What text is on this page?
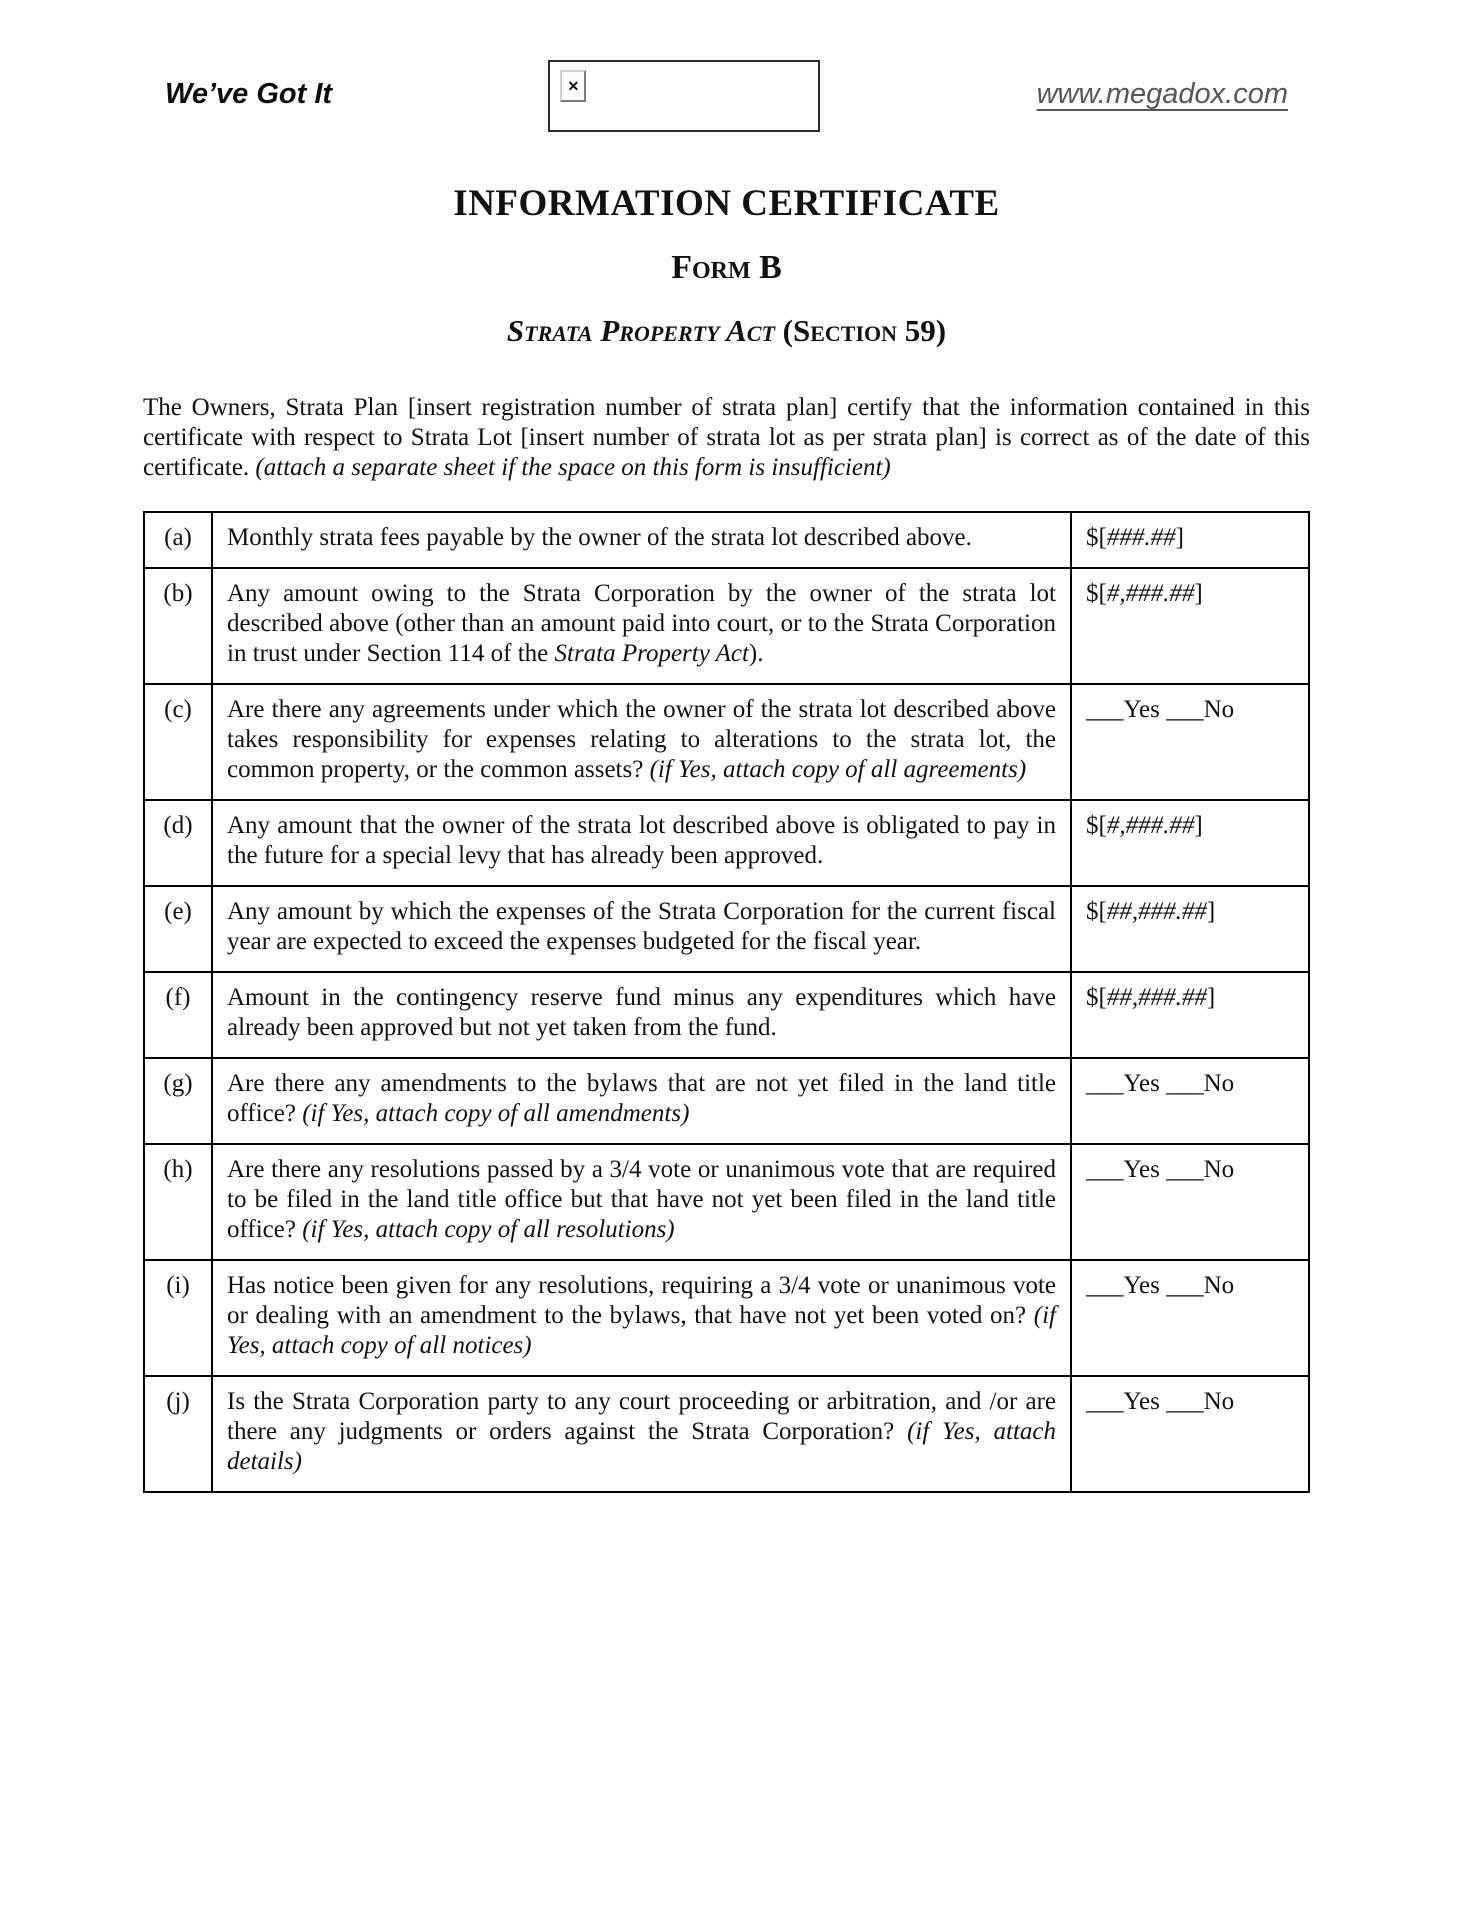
We’ve Got It	✕	www.megadox.com
INFORMATION CERTIFICATE
Form B
Strata Property Act (Section 59)

The Owners, Strata Plan [insert registration number of strata plan] certify that the information contained in this certificate with respect to Strata Lot [insert number of strata lot as per strata plan] is correct as of the date of this certificate. (attach a separate sheet if the space on this form is insufficient)

(a)	Monthly strata fees payable by the owner of the strata lot described above.	$[###.##]
(b)	Any amount owing to the Strata Corporation by the owner of the strata lot described above (other than an amount paid into court, or to the Strata Corporation in trust under Section 114 of the Strata Property Act).	$[#,###.##]
(c)	Are there any agreements under which the owner of the strata lot described above takes responsibility for expenses relating to alterations to the strata lot, the common property, or the common assets? (if Yes, attach copy of all agreements)	___Yes ___No
(d)	Any amount that the owner of the strata lot described above is obligated to pay in the future for a special levy that has already been approved.	$[#,###.##]
(e)	Any amount by which the expenses of the Strata Corporation for the current fiscal year are expected to exceed the expenses budgeted for the fiscal year.	$[##,###.##]
(f)	Amount in the contingency reserve fund minus any expenditures which have already been approved but not yet taken from the fund.	$[##,###.##]
(g)	Are there any amendments to the bylaws that are not yet filed in the land title office? (if Yes, attach copy of all amendments)	___Yes ___No
(h)	Are there any resolutions passed by a 3/4 vote or unanimous vote that are required to be filed in the land title office but that have not yet been filed in the land title office? (if Yes, attach copy of all resolutions)	___Yes ___No
(i)	Has notice been given for any resolutions, requiring a 3/4 vote or unanimous vote or dealing with an amendment to the bylaws, that have not yet been voted on? (if Yes, attach copy of all notices)	___Yes ___No
(j)	Is the Strata Corporation party to any court proceeding or arbitration, and /or are there any judgments or orders against the Strata Corporation? (if Yes, attach details)	___Yes ___No
